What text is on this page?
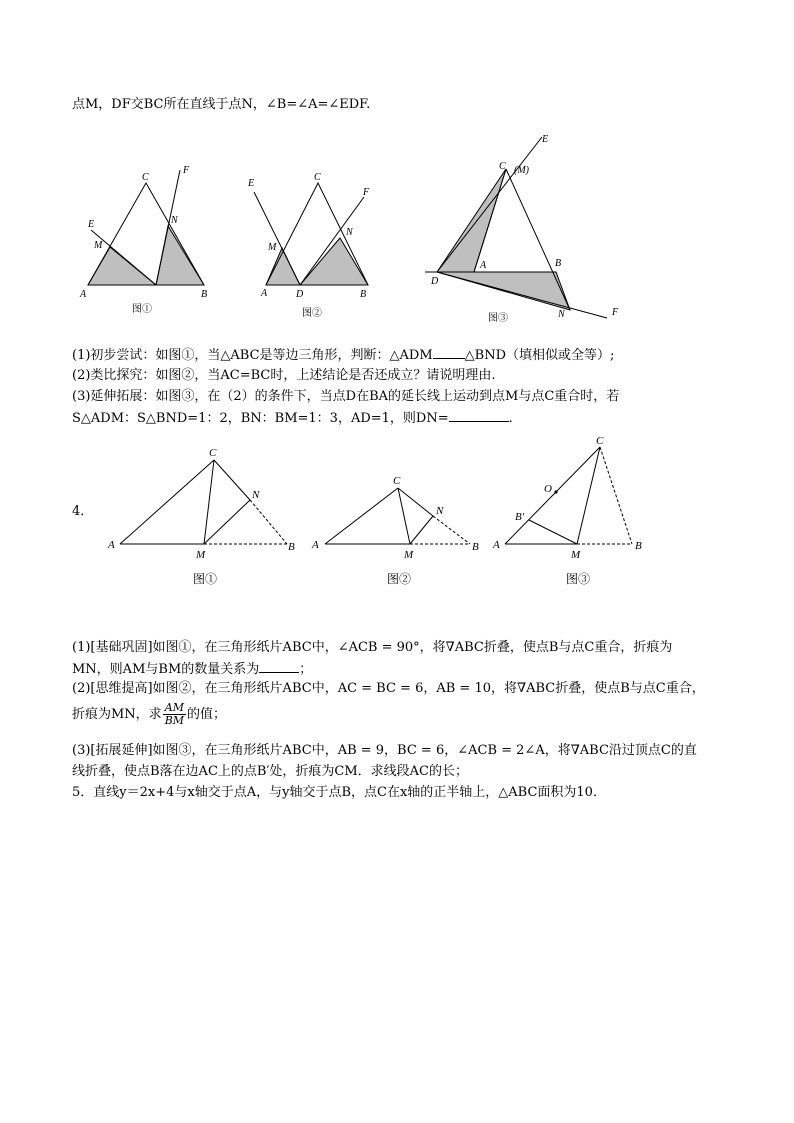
点M，DF交BC所在直线于点N，∠B=∠A=∠EDF.
C
F
E
M
N
A	B
图①
C
E
F
M
N
A	D	B
图②
E
C (M)
A	B
D
N	F
图③
(1)初步尝试：如图①，当△ABC是等边三角形，判断：△ADM △BND（填相似或全等）;
(2)类比探究：如图②，当AC=BC时，上述结论是否还成立？请说明理由.
(3)延伸拓展：如图③，在（2）的条件下，当点D在BA的延长线上运动到点M与点C重合时，若
S△ADM：S△BND=1：2，BN：BM=1：3，AD=1，则DN=	.
4．
C
N
A
M
B
图①
C
N
A
M
B
图②
C
O
B′
A
M
B
图③
(1)[基础巩固]如图①，在三角形纸片ABC中，∠ACB = 90°，将∇ABC折叠，使点B与点C重合，折痕为
MN，则AM与BM的数量关系为	；
(2)[思维提高]如图②，在三角形纸片ABC中，AC = BC = 6，AB = 10，将∇ABC折叠，使点B与点C重合，
折痕为MN，求 $\frac{AM}{BM}$ 的值；
(3)[拓展延伸]如图③，在三角形纸片ABC中，AB = 9，BC = 6，∠ACB = 2∠A，将∇ABC沿过顶点C的直
线折叠，使点B落在边AC上的点B′处，折痕为CM．求线段AC的长；
5．直线y＝2x+4与x轴交于点A，与y轴交于点B，点C在x轴的正半轴上，△ABC面积为10．
